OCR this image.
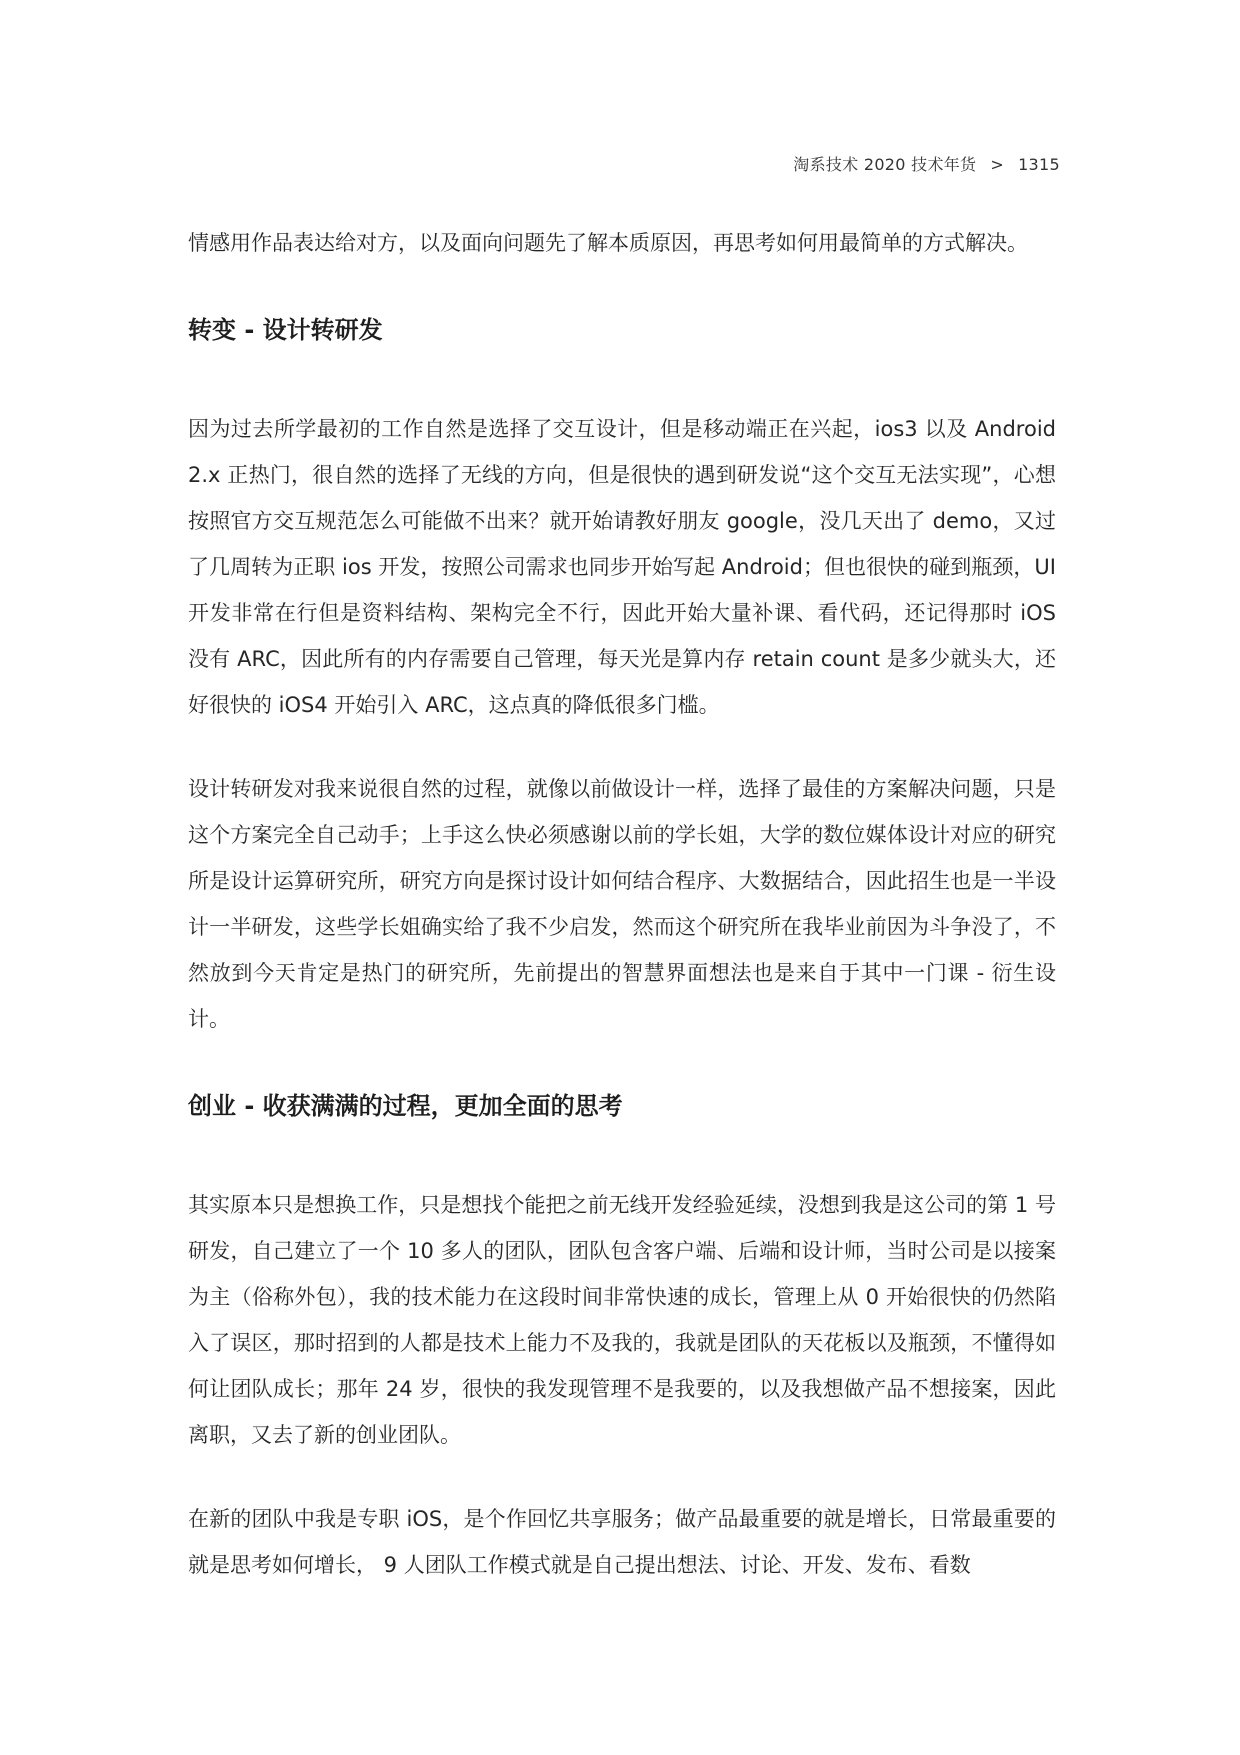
淘系技术 2020 技术年货 > 1315

情感用作品表达给对方，以及面向问题先了解本质原因，再思考如何用最简单的方式解决。

转变 - 设计转研发

因为过去所学最初的工作自然是选择了交互设计，但是移动端正在兴起，ios3 以及 Android 2.x 正热门，很自然的选择了无线的方向，但是很快的遇到研发说“这个交互无法实现”，心想按照官方交互规范怎么可能做不出来？就开始请教好朋友 google，没几天出了 demo，又过了几周转为正职 ios 开发，按照公司需求也同步开始写起 Android；但也很快的碰到瓶颈，UI 开发非常在行但是资料结构、架构完全不行，因此开始大量补课、看代码，还记得那时 iOS 没有 ARC，因此所有的内存需要自己管理，每天光是算内存 retain count 是多少就头大，还好很快的 iOS4 开始引入 ARC，这点真的降低很多门槛。

设计转研发对我来说很自然的过程，就像以前做设计一样，选择了最佳的方案解决问题，只是这个方案完全自己动手；上手这么快必须感谢以前的学长姐，大学的数位媒体设计对应的研究所是设计运算研究所，研究方向是探讨设计如何结合程序、大数据结合，因此招生也是一半设计一半研发，这些学长姐确实给了我不少启发，然而这个研究所在我毕业前因为斗争没了，不然放到今天肯定是热门的研究所，先前提出的智慧界面想法也是来自于其中一门课 - 衍生设计。

创业 - 收获满满的过程，更加全面的思考

其实原本只是想换工作，只是想找个能把之前无线开发经验延续，没想到我是这公司的第 1 号研发，自己建立了一个 10 多人的团队，团队包含客户端、后端和设计师，当时公司是以接案为主（俗称外包），我的技术能力在这段时间非常快速的成长，管理上从 0 开始很快的仍然陷入了误区，那时招到的人都是技术上能力不及我的，我就是团队的天花板以及瓶颈，不懂得如何让团队成长；那年 24 岁，很快的我发现管理不是我要的，以及我想做产品不想接案，因此离职，又去了新的创业团队。

在新的团队中我是专职 iOS，是个作回忆共享服务；做产品最重要的就是增长，日常最重要的就是思考如何增长， 9 人团队工作模式就是自己提出想法、讨论、开发、发布、看数
